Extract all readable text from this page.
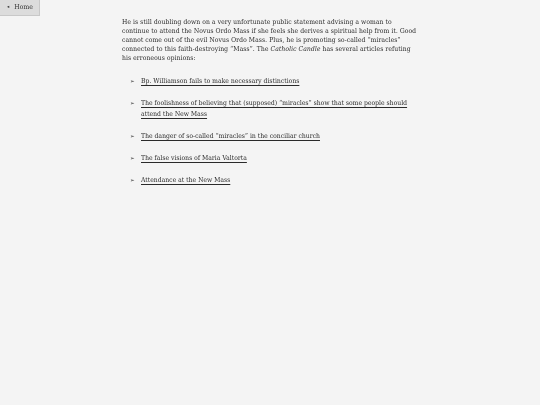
◂ Home

He is still doubling down on a very unfortunate public statement advising a woman to continue to attend the Novus Ordo Mass if she feels she derives a spiritual help from it. Good cannot come out of the evil Novus Ordo Mass. Plus, he is promoting so-called “miracles” connected to this faith-destroying “Mass”. The Catholic Candle has several articles refuting his erroneous opinions:

➢ Bp. Williamson fails to make necessary distinctions
➢ The foolishness of believing that (supposed) “miracles” show that some people should attend the New Mass
➢ The danger of so-called “miracles” in the conciliar church
➢ The false visions of Maria Valtorta
➢ Attendance at the New Mass
